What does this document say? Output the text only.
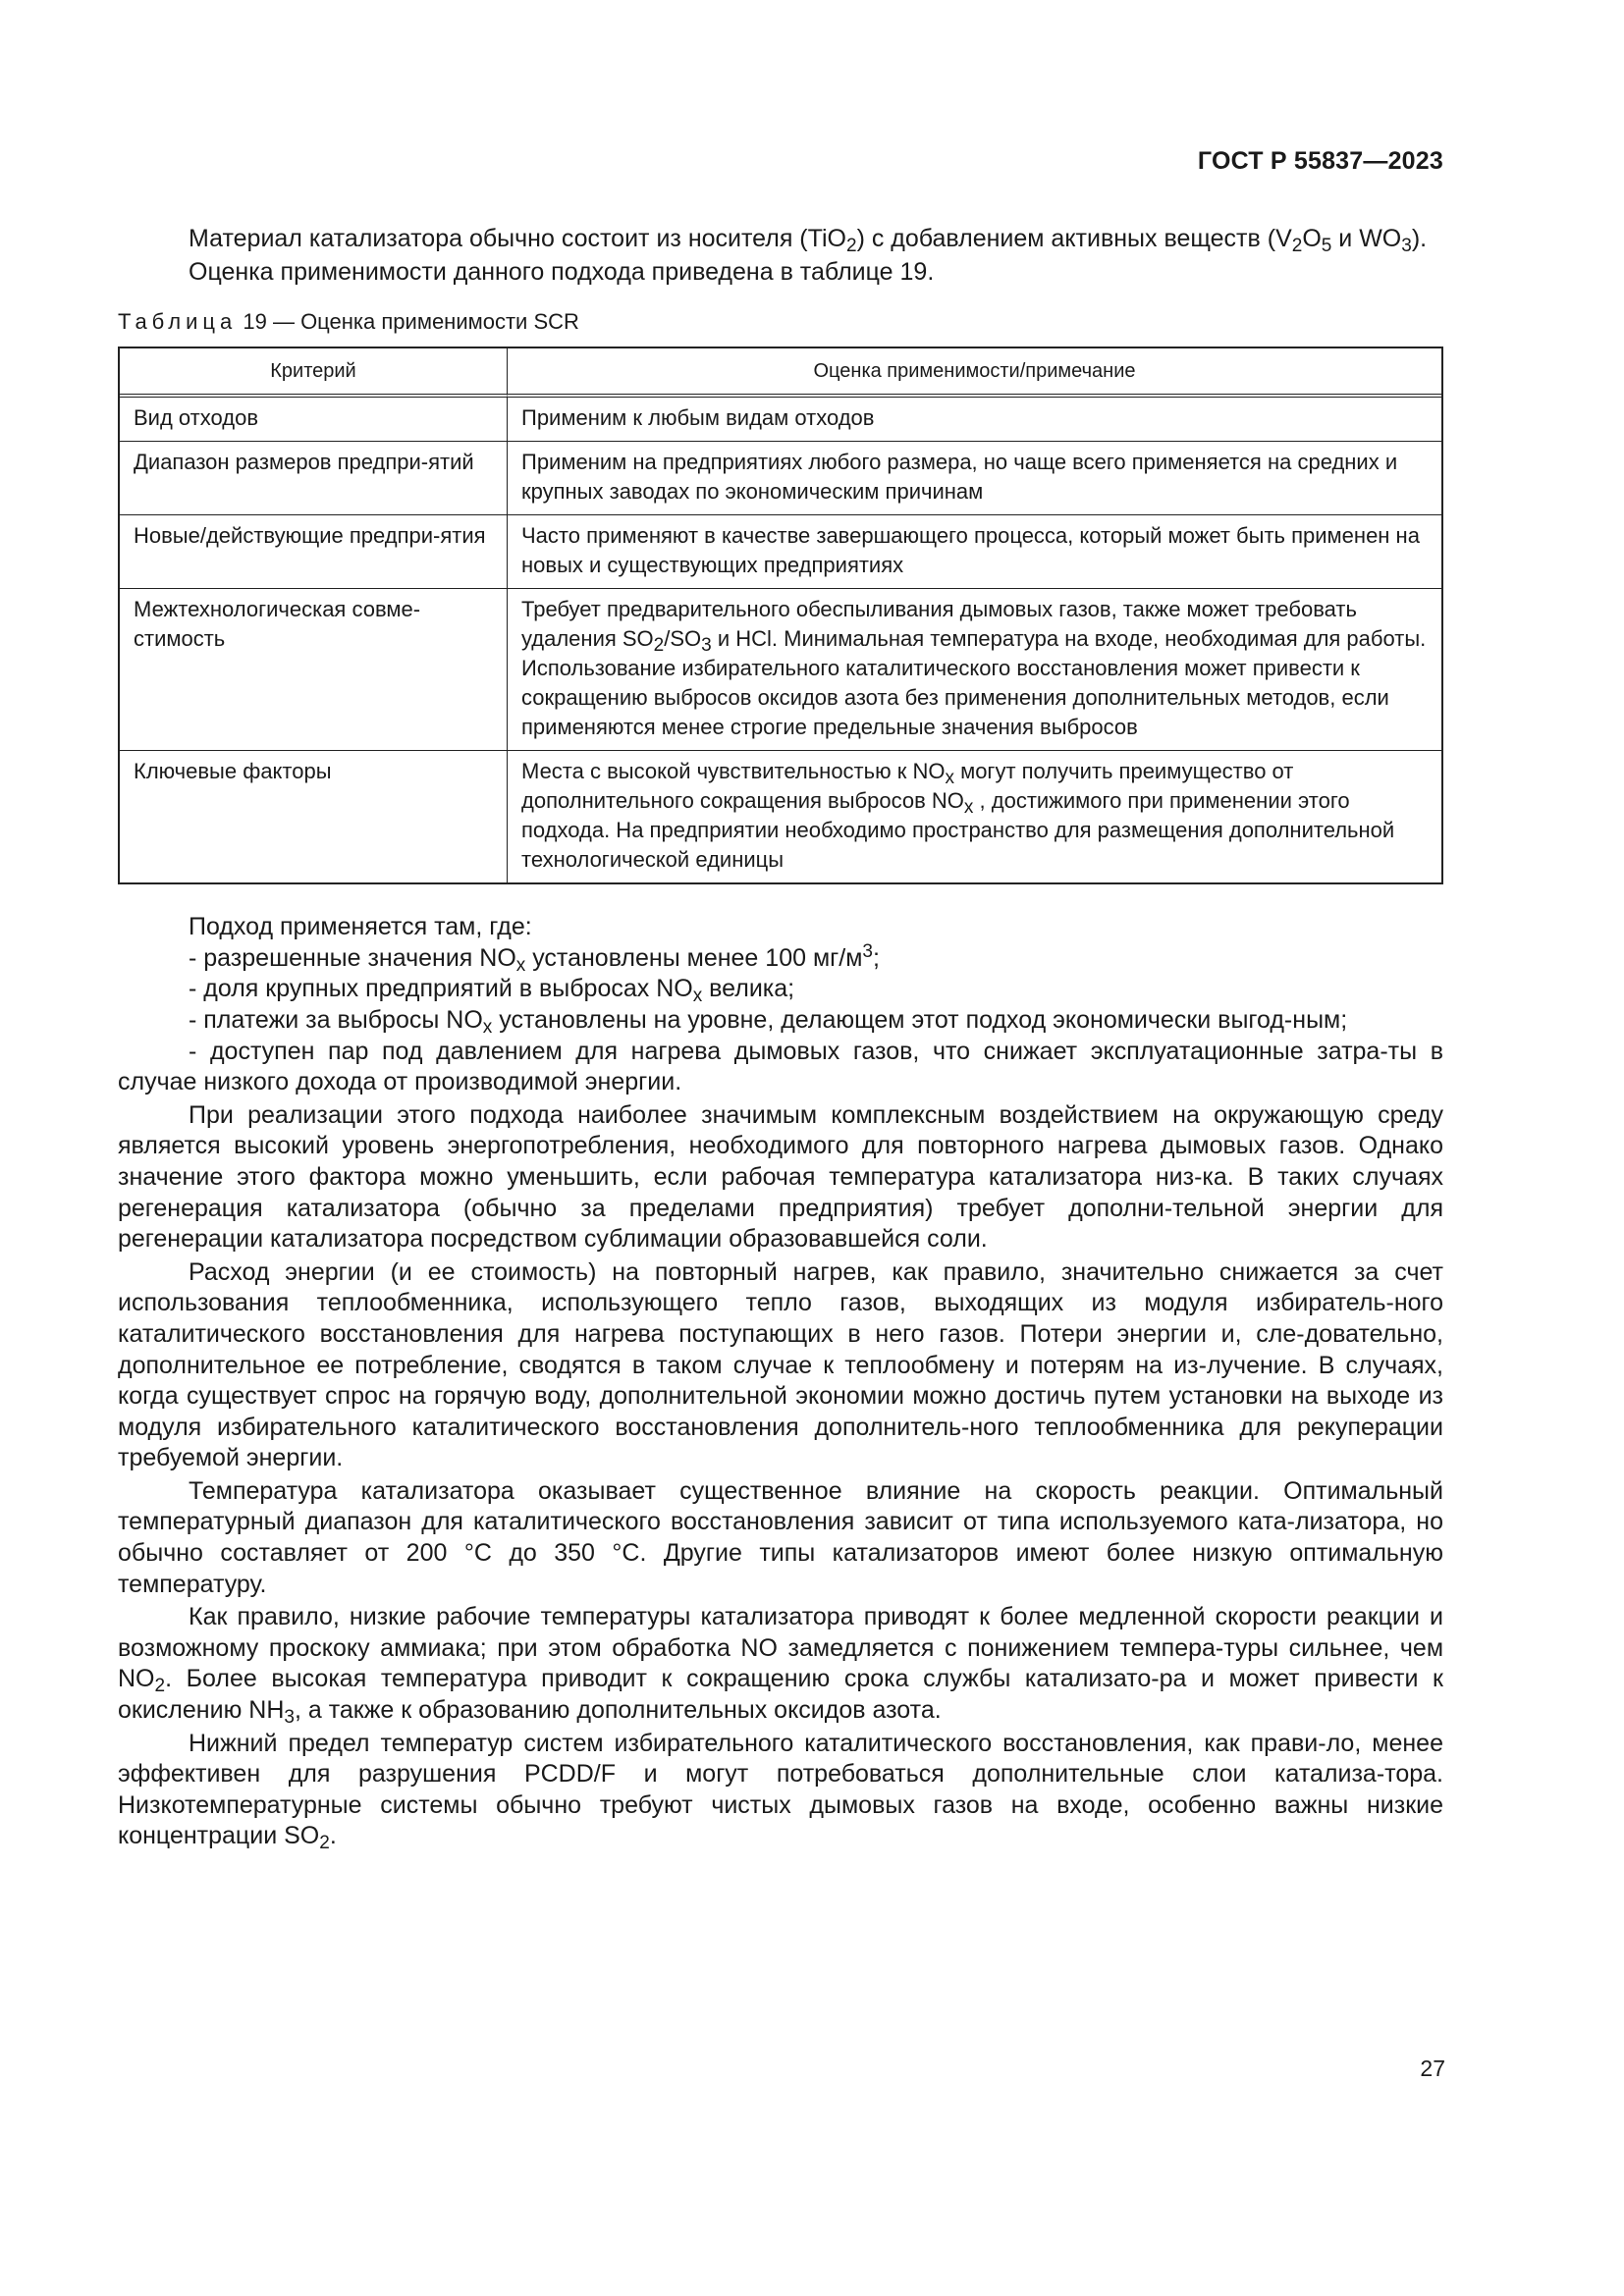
ГОСТ Р 55837—2023

Материал катализатора обычно состоит из носителя (TiO$_2$) с добавлением активных веществ ($V_2O_5$ и $WO_3$).

Оценка применимости данного подхода приведена в таблице 19.

Таблица 19 — Оценка применимости SCR
Критерий	Оценка применимости/примечание
Вид отходов	Применим к любым видам отходов
Диапазон размеров предпри-ятий	Применим на предприятиях любого размера, но чаще всего применяется на средних и крупных заводах по экономическим причинам
Новые/действующие предпри-ятия	Часто применяют в качестве завершающего процесса, который может быть применен на новых и существующих предприятиях
Межтехнологическая совме-стимость	Требует предварительного обеспыливания дымовых газов, также может требовать удаления $SO_2/SO_3$ и HCl. Минимальная температура на входе, необходимая для работы. Использование избирательного каталитического восстановления может привести к сокращению выбросов оксидов азота без применения дополнительных методов, если применяются менее строгие предельные значения выбросов
Ключевые факторы	Места с высокой чувствительностью к $NO_x$ могут получить преимущество от дополнительного сокращения выбросов $NO_x$ , достижимого при применении этого подхода. На предприятии необходимо пространство для размещения дополнительной технологической единицы

Подход применяется там, где:

- разрешенные значения $NO_x$ установлены менее 100 $мг/м^3$;

- доля крупных предприятий в выбросах $NO_x$ велика;

- платежи за выбросы $NO_x$ установлены на уровне, делающем этот подход экономически выгод-ным;

- доступен пар под давлением для нагрева дымовых газов, что снижает эксплуатационные затра-ты в случае низкого дохода от производимой энергии.

При реализации этого подхода наиболее значимым комплексным воздействием на окружающую среду является высокий уровень энергопотребления, необходимого для повторного нагрева дымовых газов. Однако значение этого фактора можно уменьшить, если рабочая температура катализатора низ-ка. В таких случаях регенерация катализатора (обычно за пределами предприятия) требует дополни-тельной энергии для регенерации катализатора посредством сублимации образовавшейся соли.

Расход энергии (и ее стоимость) на повторный нагрев, как правило, значительно снижается за счет использования теплообменника, использующего тепло газов, выходящих из модуля избиратель-ного каталитического восстановления для нагрева поступающих в него газов. Потери энергии и, сле-довательно, дополнительное ее потребление, сводятся в таком случае к теплообмену и потерям на из-лучение. В случаях, когда существует спрос на горячую воду, дополнительной экономии можно достичь путем установки на выходе из модуля избирательного каталитического восстановления дополнитель-ного теплообменника для рекуперации требуемой энергии.

Температура катализатора оказывает существенное влияние на скорость реакции. Оптимальный температурный диапазон для каталитического восстановления зависит от типа используемого ката-лизатора, но обычно составляет от 200 °С до 350 °С. Другие типы катализаторов имеют более низкую оптимальную температуру.

Как правило, низкие рабочие температуры катализатора приводят к более медленной скорости реакции и возможному проскоку аммиака; при этом обработка NO замедляется с понижением темпера-туры сильнее, чем $NO_2$. Более высокая температура приводит к сокращению срока службы катализато-ра и может привести к окислению $NH_3$, а также к образованию дополнительных оксидов азота.

Нижний предел температур систем избирательного каталитического восстановления, как прави-ло, менее эффективен для разрушения PCDD/F и могут потребоваться дополнительные слои катализа-тора. Низкотемпературные системы обычно требуют чистых дымовых газов на входе, особенно важны низкие концентрации $SO_2$.

27
